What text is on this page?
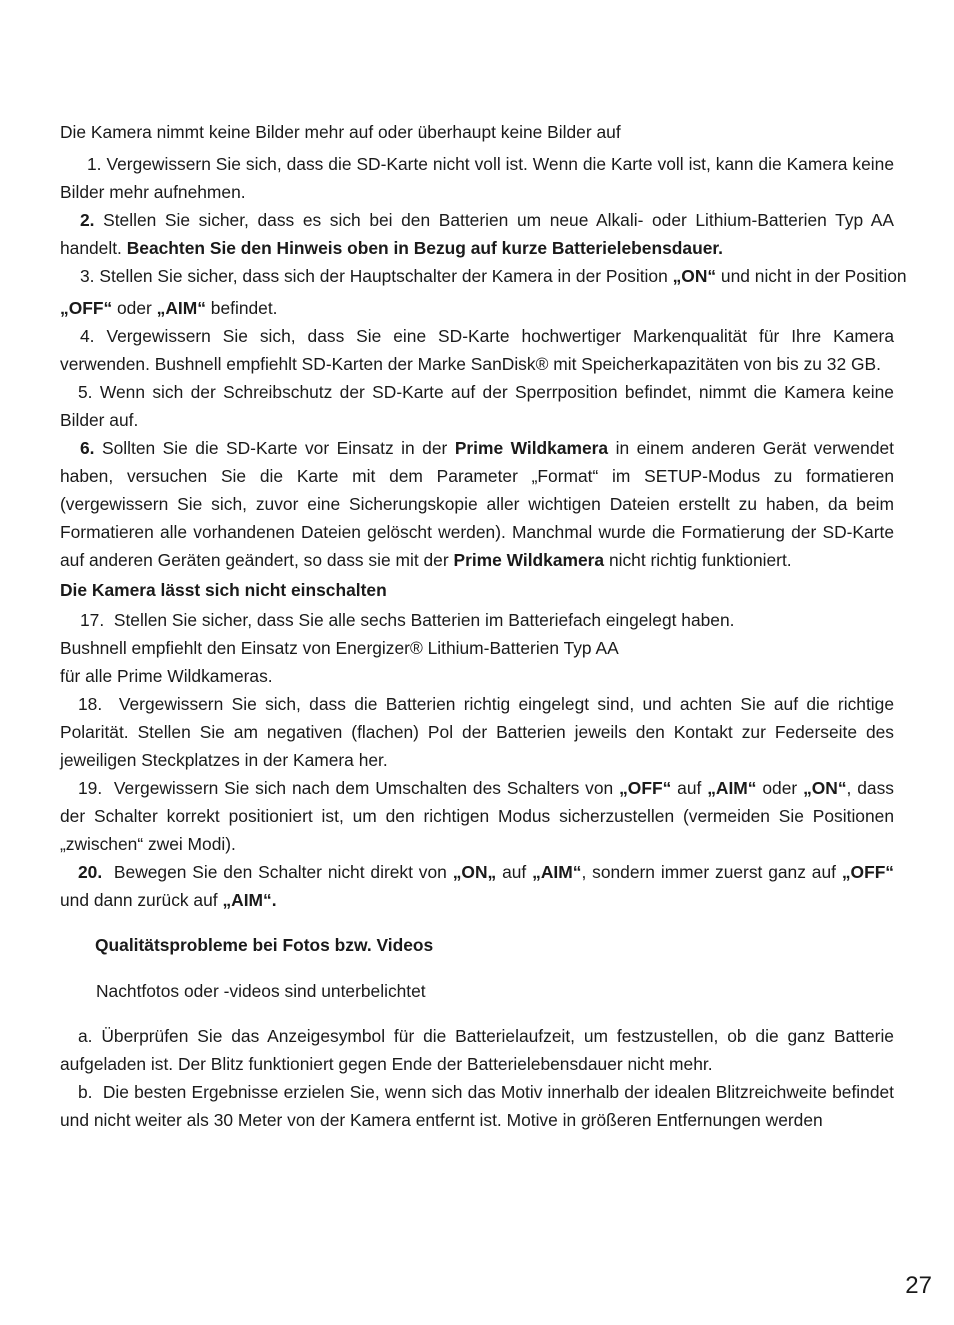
Die Kamera nimmt keine Bilder mehr auf oder überhaupt keine Bilder auf

1. Vergewissern Sie sich, dass die SD-Karte nicht voll ist. Wenn die Karte voll ist, kann die Kamera keine Bilder mehr aufnehmen.

2. Stellen Sie sicher, dass es sich bei den Batterien um neue Alkali- oder Lithium-Batterien Typ AA handelt. Beachten Sie den Hinweis oben in Bezug auf kurze Batterielebensdauer.

3. Stellen Sie sicher, dass sich der Hauptschalter der Kamera in der Position „ON“ und nicht in der Position

„OFF“ oder „AIM“ befindet.

4. Vergewissern Sie sich, dass Sie eine SD-Karte hochwertiger Markenqualität für Ihre Kamera verwenden. Bushnell empfiehlt SD-Karten der Marke SanDisk® mit Speicherkapazitäten von bis zu 32 GB.

5. Wenn sich der Schreibschutz der SD-Karte auf der Sperrposition befindet, nimmt die Kamera keine Bilder auf.

6. Sollten Sie die SD-Karte vor Einsatz in der Prime Wildkamera in einem anderen Gerät verwendet haben, versuchen Sie die Karte mit dem Parameter „Format“ im SETUP-Modus zu formatieren (vergewissern Sie sich, zuvor eine Sicherungskopie aller wichtigen Dateien erstellt zu haben, da beim Formatieren alle vorhandenen Dateien gelöscht werden). Manchmal wurde die Formatierung der SD-Karte auf anderen Geräten geändert, so dass sie mit der Prime Wildkamera nicht richtig funktioniert.

Die Kamera lässt sich nicht einschalten

17. Stellen Sie sicher, dass Sie alle sechs Batterien im Batteriefach eingelegt haben.

Bushnell empfiehlt den Einsatz von Energizer® Lithium-Batterien Typ AA

für alle Prime Wildkameras.

18. Vergewissern Sie sich, dass die Batterien richtig eingelegt sind, und achten Sie auf die richtige Polarität. Stellen Sie am negativen (flachen) Pol der Batterien jeweils den Kontakt zur Federseite des jeweiligen Steckplatzes in der Kamera her.

19. Vergewissern Sie sich nach dem Umschalten des Schalters von „OFF“ auf „AIM“ oder „ON“, dass der Schalter korrekt positioniert ist, um den richtigen Modus sicherzustellen (vermeiden Sie Positionen „zwischen“ zwei Modi).

20. Bewegen Sie den Schalter nicht direkt von „ON„ auf „AIM“, sondern immer zuerst ganz auf „OFF“ und dann zurück auf „AIM“.

Qualitätsprobleme bei Fotos bzw. Videos

Nachtfotos oder -videos sind unterbelichtet

a. Überprüfen Sie das Anzeigesymbol für die Batterielaufzeit, um festzustellen, ob die ganz Batterie aufgeladen ist. Der Blitz funktioniert gegen Ende der Batterielebensdauer nicht mehr.

b. Die besten Ergebnisse erzielen Sie, wenn sich das Motiv innerhalb der idealen Blitzreichweite befindet und nicht weiter als 30 Meter von der Kamera entfernt ist. Motive in größeren Entfernungen werden

27
